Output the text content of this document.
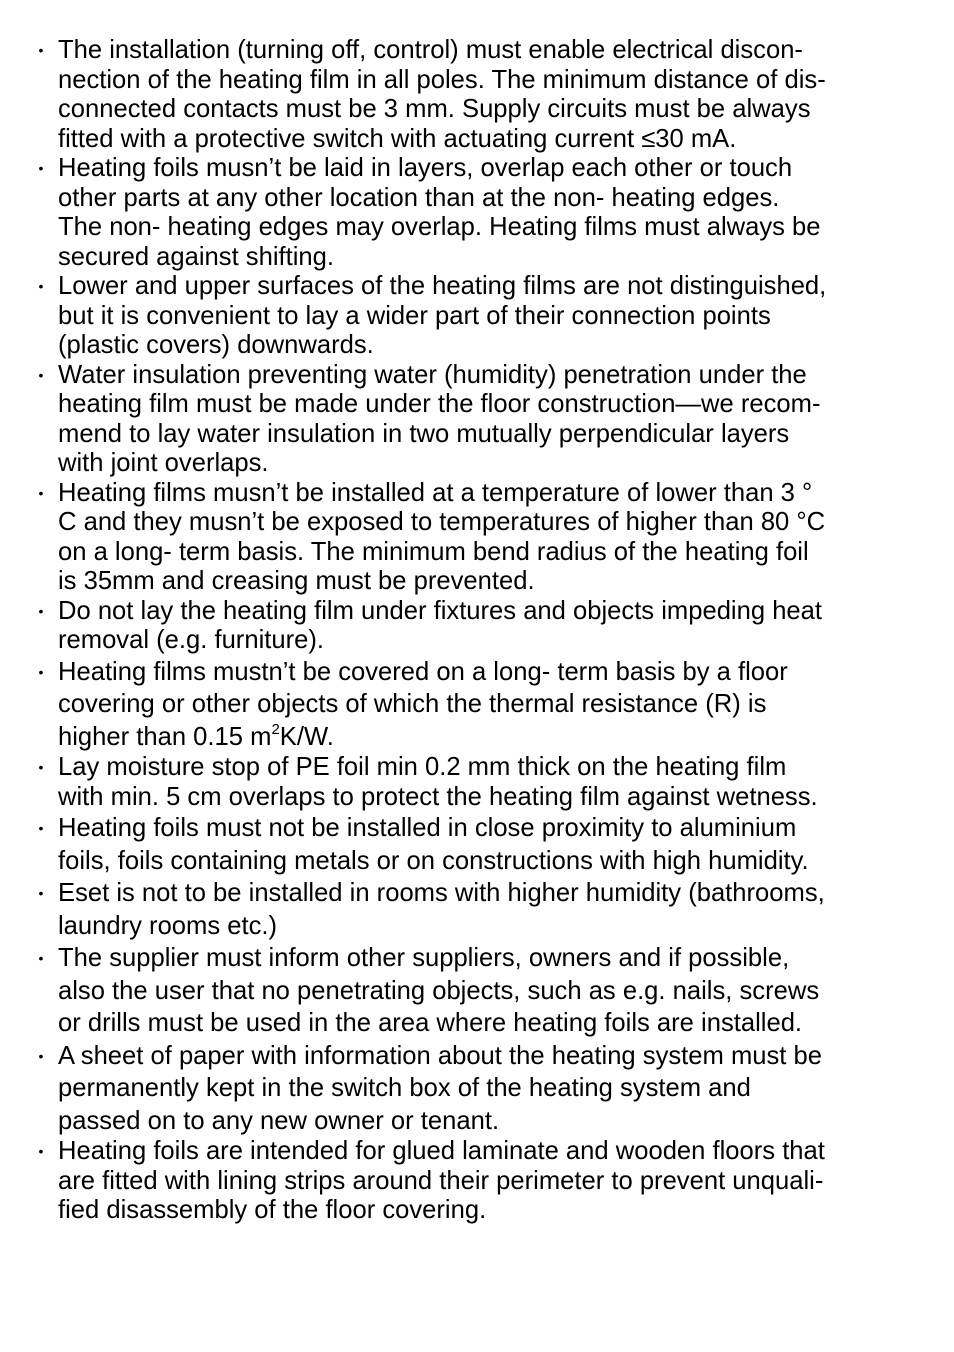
• The installation (turning off, control) must enable electrical discon-
nection of the heating film in all poles. The minimum distance of dis-
connected contacts must be 3 mm. Supply circuits must be always
fitted with a protective switch with actuating current ≤30 mA.
• Heating foils musn’t be laid in layers, overlap each other or touch
other parts at any other location than at the non- heating edges.
The non- heating edges may overlap. Heating films must always be
secured against shifting.
• Lower and upper surfaces of the heating films are not distinguished,
but it is convenient to lay a wider part of their connection points
(plastic covers) downwards.
• Water insulation preventing water (humidity) penetration under the
heating film must be made under the floor construction—we recom-
mend to lay water insulation in two mutually perpendicular layers
with joint overlaps.
• Heating films musn’t be installed at a temperature of lower than 3 °
C and they musn’t be exposed to temperatures of higher than 80 °C
on a long- term basis. The minimum bend radius of the heating foil
is 35mm and creasing must be prevented.
• Do not lay the heating film under fixtures and objects impeding heat
removal (e.g. furniture).
• Heating films mustn’t be covered on a long- term basis by a floor
covering or other objects of which the thermal resistance (R) is
higher than 0.15 $m^2K/W$.
• Lay moisture stop of PE foil min 0.2 mm thick on the heating film
with min. 5 cm overlaps to protect the heating film against wetness.
• Heating foils must not be installed in close proximity to aluminium
foils, foils containing metals or on constructions with high humidity.
• Eset is not to be installed in rooms with higher humidity (bathrooms,
laundry rooms etc.)
• The supplier must inform other suppliers, owners and if possible,
also the user that no penetrating objects, such as e.g. nails, screws
or drills must be used in the area where heating foils are installed.
• A sheet of paper with information about the heating system must be
permanently kept in the switch box of the heating system and
passed on to any new owner or tenant.
• Heating foils are intended for glued laminate and wooden floors that
are fitted with lining strips around their perimeter to prevent unquali-
fied disassembly of the floor covering.
